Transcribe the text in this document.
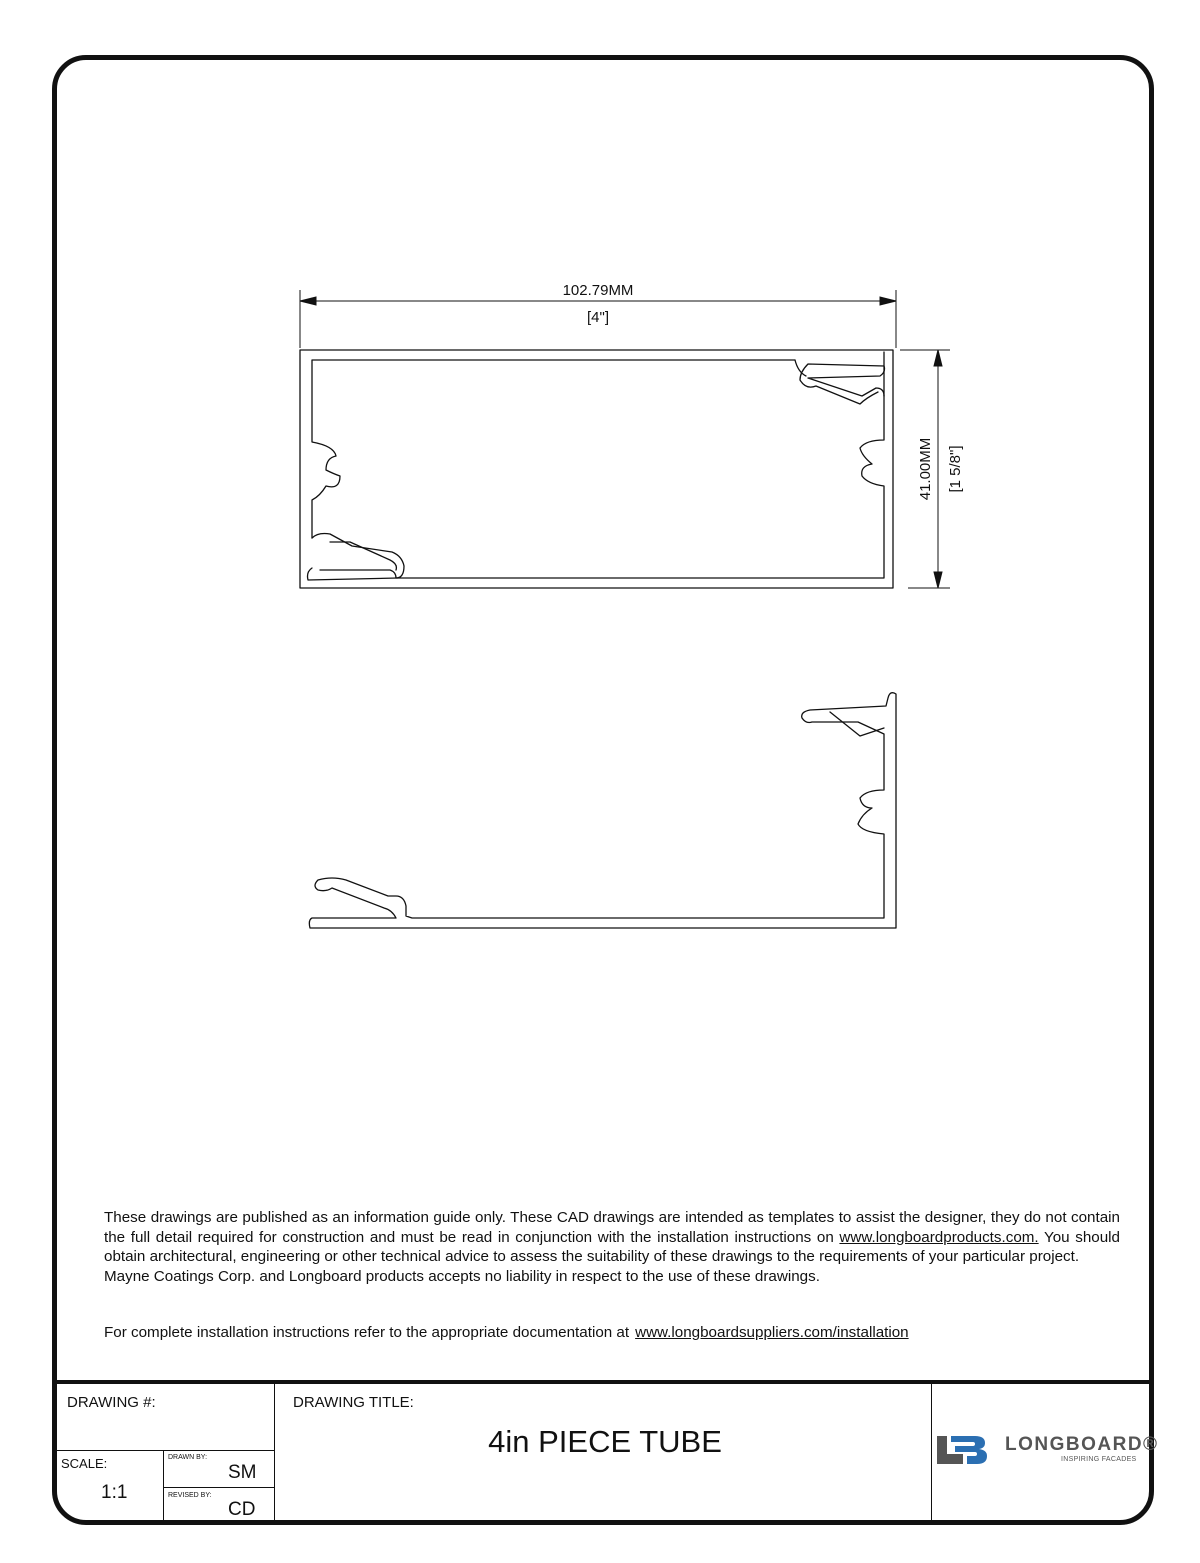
102.79MM
[4"]
41.00MM [1 5/8"]

These drawings are published as an information guide only. These CAD drawings are intended as templates to assist the designer, they do not contain the full detail required for construction and must be read in conjunction with the installation instructions on www.longboardproducts.com. You should obtain architectural, engineering or other technical advice to assess the suitability of these drawings to the requirements of your particular project.

Mayne Coatings Corp. and Longboard products accepts no liability in respect to the use of these drawings.

For complete installation instructions refer to the appropriate documentation at www.longboardsuppliers.com/installation
DRAWING #:
SCALE:
1:1
DRAWN BY:
SM
REVISED BY:
CD
DRAWING TITLE:
4in PIECE TUBE	LONGBOARD®
INSPIRING FACADES
